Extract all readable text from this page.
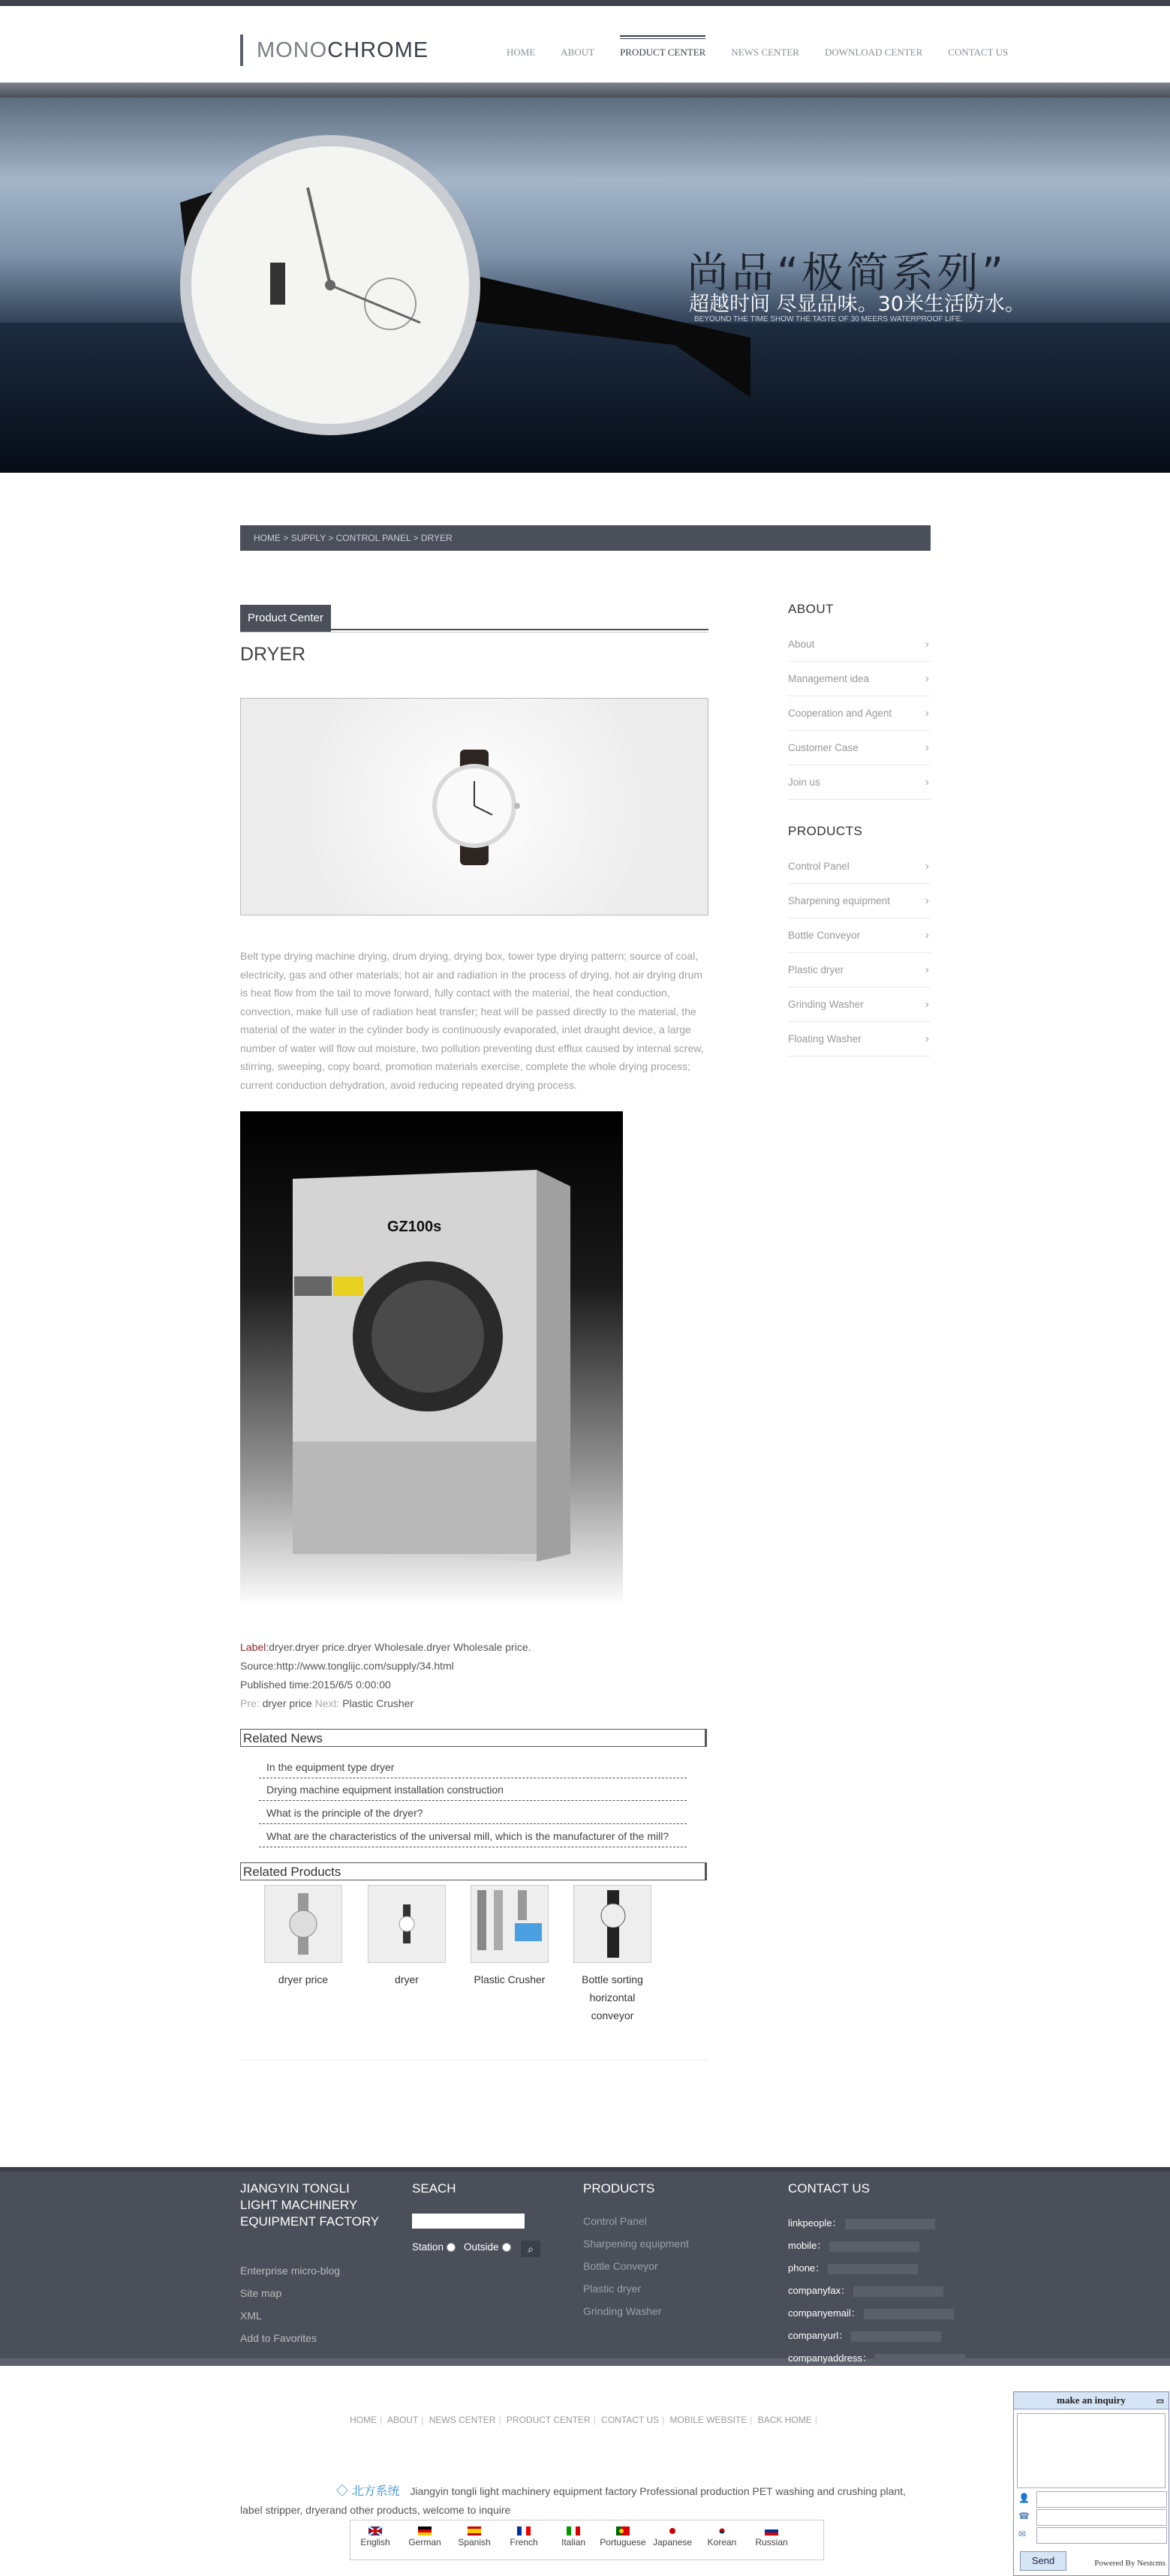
MONOCHROME	HOME	ABOUT	PRODUCT CENTER	NEWS CENTER	DOWNLOAD CENTER	CONTACT US
尚品“极简系列”
超越时间 尽显品味。30米生活防水。
BEYOUND THE TIME SHOW THE TASTE OF 30 MEERS WATERPROOF LIFE.
HOME > SUPPLY > CONTROL PANEL > DRYER
Product Center
DRYER
Belt type drying machine drying, drum drying, drying box, tower type drying pattern; source of coal, electricity, gas and other materials; hot air and radiation in the process of drying, hot air drying drum is heat flow from the tail to move forward, fully contact with the material, the heat conduction, convection, make full use of radiation heat transfer; heat will be passed directly to the material, the material of the water in the cylinder body is continuously evaporated, inlet draught device, a large number of water will flow out moisture, two pollution preventing dust efflux caused by internal screw, stirring, sweeping, copy board, promotion materials exercise, complete the whole drying process; current conduction dehydration, avoid reducing repeated drying process.
GZ100s
Label:dryer.dryer price.dryer Wholesale.dryer Wholesale price.
Source:http://www.tonglijc.com/supply/34.html
Published time:2015/6/5 0:00:00
Pre: dryer price Next: Plastic Crusher
Related News
In the equipment type dryer
Drying machine equipment installation construction
What is the principle of the dryer?
What are the characteristics of the universal mill, which is the manufacturer of the mill?
Related Products
dryer price	dryer	Plastic Crusher	Bottle sorting horizontal conveyor
ABOUT
About	›
Management idea	›
Cooperation and Agent	›
Customer Case	›
Join us	›
PRODUCTS
Control Panel	›
Sharpening equipment	›
Bottle Conveyor	›
Plastic dryer	›
Grinding Washer	›
Floating Washer	›
JIANGYIN TONGLI LIGHT MACHINERY EQUIPMENT FACTORY
Enterprise micro-blog
Site map
XML
Add to Favorites
SEACH
Station	Outside	⌕
PRODUCTS
Control Panel
Sharpening equipment
Bottle Conveyor
Plastic dryer
Grinding Washer
CONTACT US
linkpeople：
mobile：
phone：
companyfax：
companyemail：
companyurl：
companyaddress：
HOME | ABOUT | NEWS CENTER | PRODUCT CENTER | CONTACT US | MOBILE WEBSITE | BACK HOME |
◇ 北方系统 Jiangyin tongli light machinery equipment factory Professional production PET washing and crushing plant, label stripper, dryerand other products, welcome to inquire
English	German	Spanish	French	Italian	Portuguese Japanese	Korean	Russian
make an inquiry	▭
👤
☎
✉
Send	Powered By Nestcms
